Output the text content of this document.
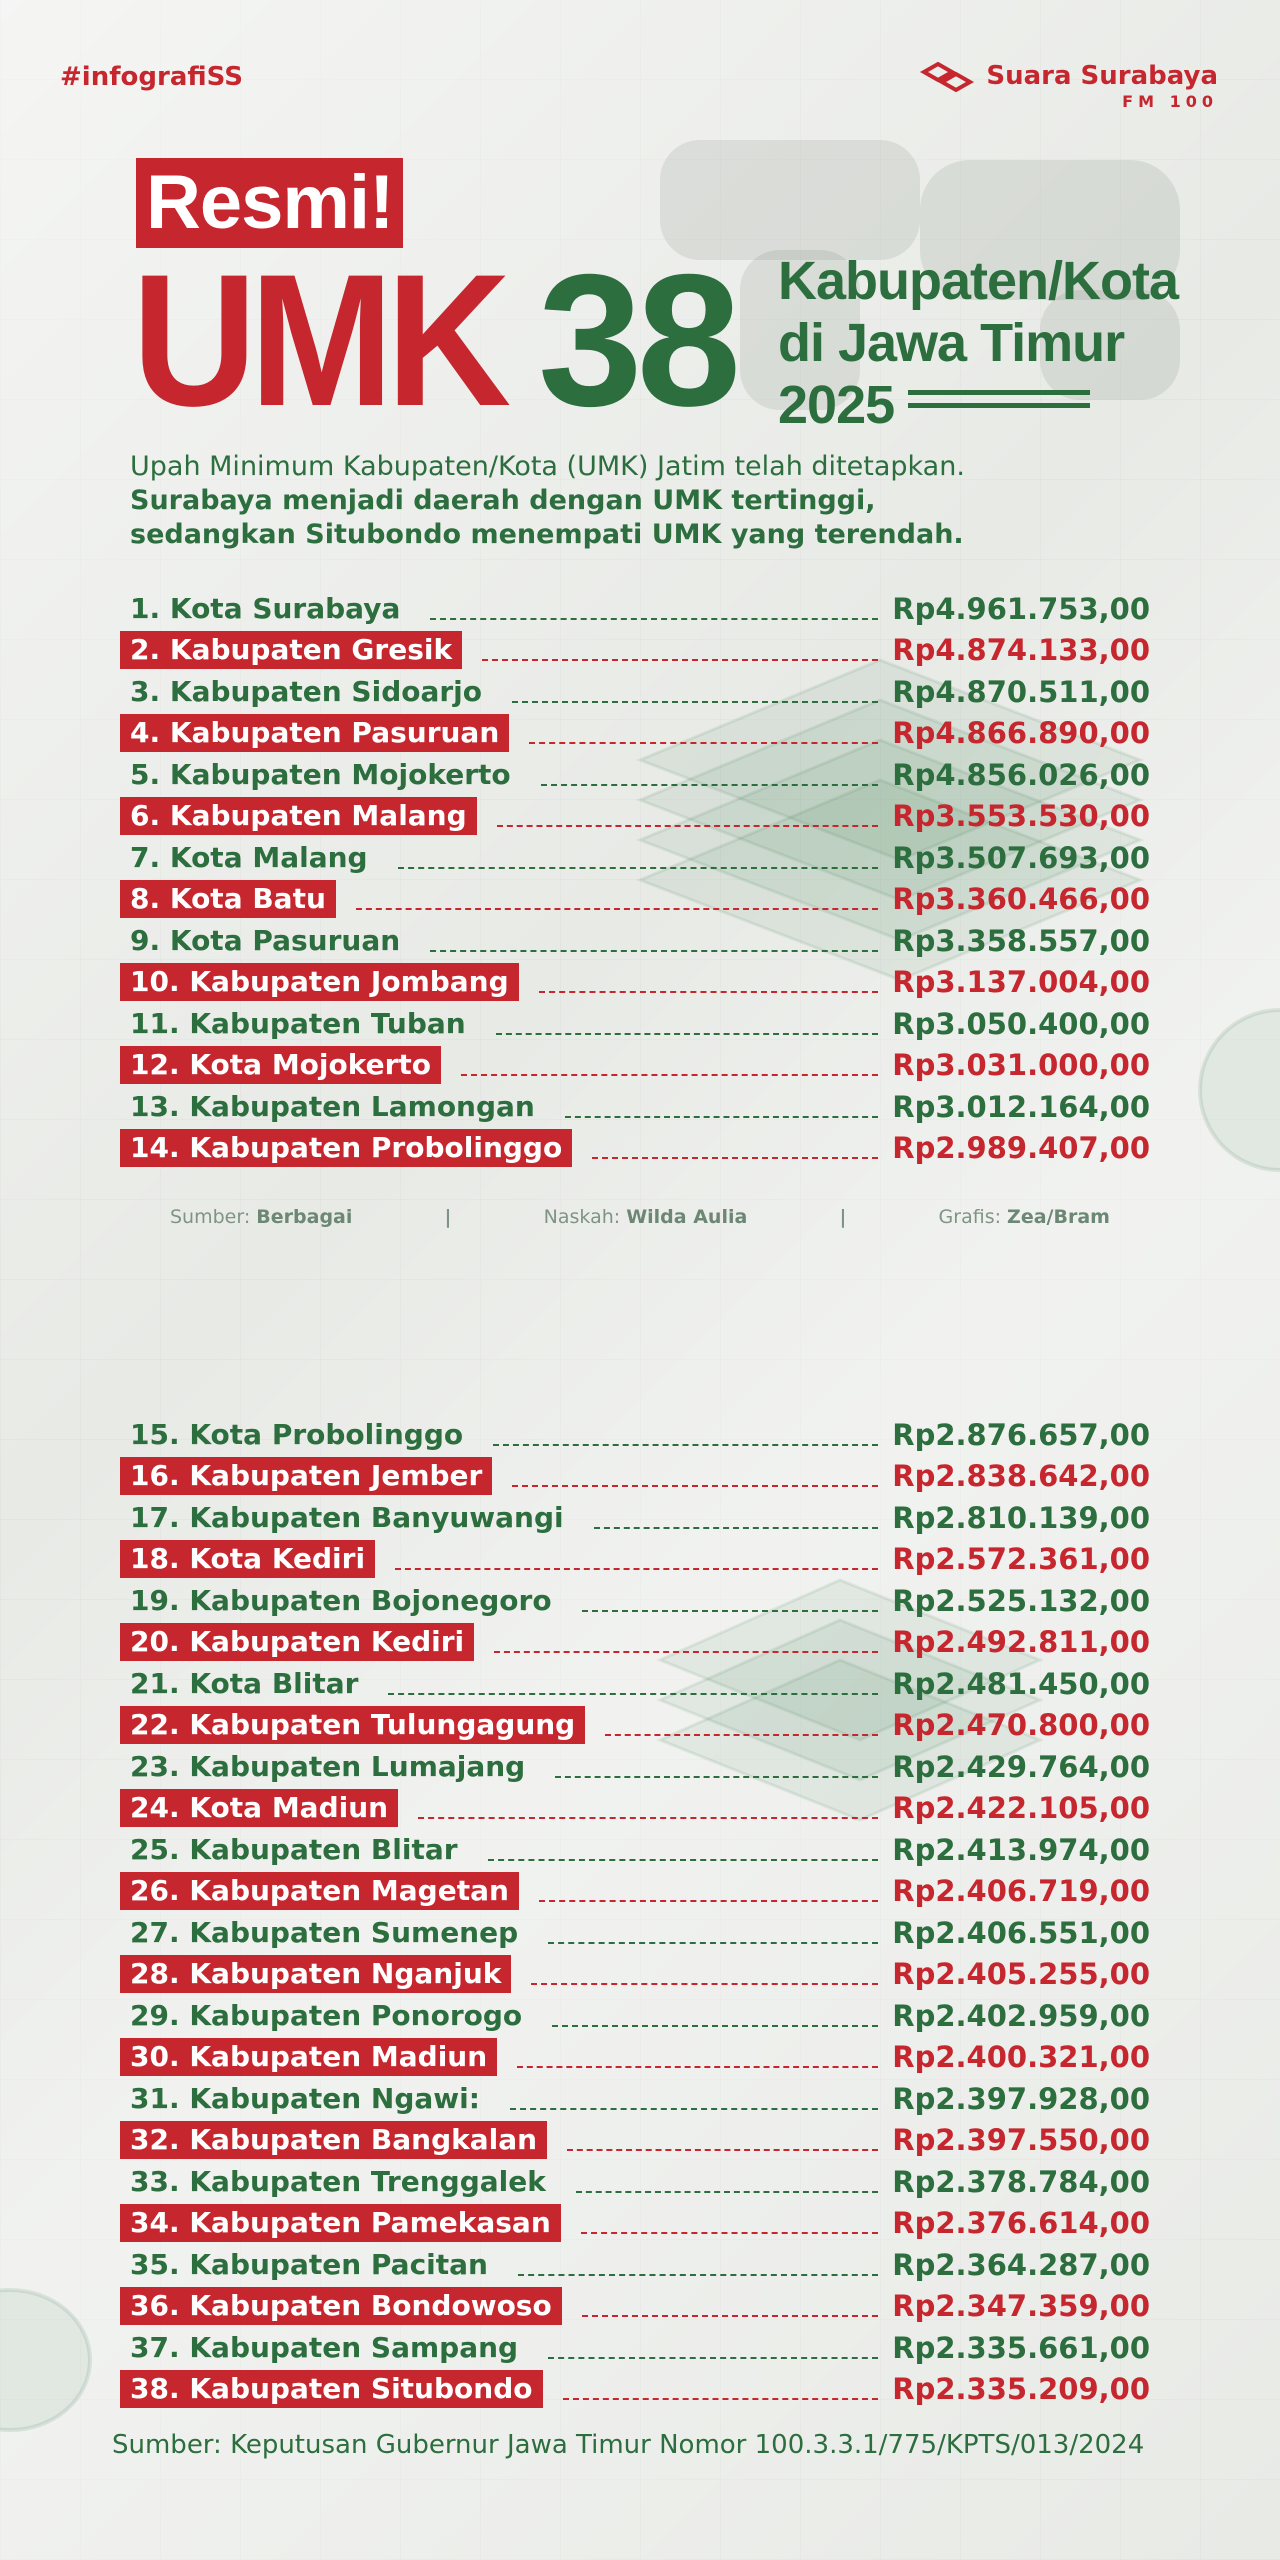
#infografiSS	Suara Surabaya
FM 100
Resmi!
UMK 38 Kabupaten/Kota
di Jawa Timur
2025
Upah Minimum Kabupaten/Kota (UMK) Jatim telah ditetapkan.
Surabaya menjadi daerah dengan UMK tertinggi,
sedangkan Situbondo menempati UMK yang terendah.
1. Kota Surabaya	Rp4.961.753,00
2. Kabupaten Gresik	Rp4.874.133,00
3. Kabupaten Sidoarjo	Rp4.870.511,00
4. Kabupaten Pasuruan	Rp4.866.890,00
5. Kabupaten Mojokerto	Rp4.856.026,00
6. Kabupaten Malang	Rp3.553.530,00
7. Kota Malang	Rp3.507.693,00
8. Kota Batu	Rp3.360.466,00
9. Kota Pasuruan	Rp3.358.557,00
10. Kabupaten Jombang	Rp3.137.004,00
11. Kabupaten Tuban	Rp3.050.400,00
12. Kota Mojokerto	Rp3.031.000,00
13. Kabupaten Lamongan	Rp3.012.164,00
14. Kabupaten Probolinggo	Rp2.989.407,00
Sumber: Berbagai	|	Naskah: Wilda Aulia	|	Grafis: Zea/Bram
15. Kota Probolinggo	Rp2.876.657,00
16. Kabupaten Jember	Rp2.838.642,00
17. Kabupaten Banyuwangi	Rp2.810.139,00
18. Kota Kediri	Rp2.572.361,00
19. Kabupaten Bojonegoro	Rp2.525.132,00
20. Kabupaten Kediri	Rp2.492.811,00
21. Kota Blitar	Rp2.481.450,00
22. Kabupaten Tulungagung	Rp2.470.800,00
23. Kabupaten Lumajang	Rp2.429.764,00
24. Kota Madiun	Rp2.422.105,00
25. Kabupaten Blitar	Rp2.413.974,00
26. Kabupaten Magetan	Rp2.406.719,00
27. Kabupaten Sumenep	Rp2.406.551,00
28. Kabupaten Nganjuk	Rp2.405.255,00
29. Kabupaten Ponorogo	Rp2.402.959,00
30. Kabupaten Madiun	Rp2.400.321,00
31. Kabupaten Ngawi:	Rp2.397.928,00
32. Kabupaten Bangkalan	Rp2.397.550,00
33. Kabupaten Trenggalek	Rp2.378.784,00
34. Kabupaten Pamekasan	Rp2.376.614,00
35. Kabupaten Pacitan	Rp2.364.287,00
36. Kabupaten Bondowoso	Rp2.347.359,00
37. Kabupaten Sampang	Rp2.335.661,00
38. Kabupaten Situbondo	Rp2.335.209,00
Sumber: Keputusan Gubernur Jawa Timur Nomor 100.3.3.1/775/KPTS/013/2024
